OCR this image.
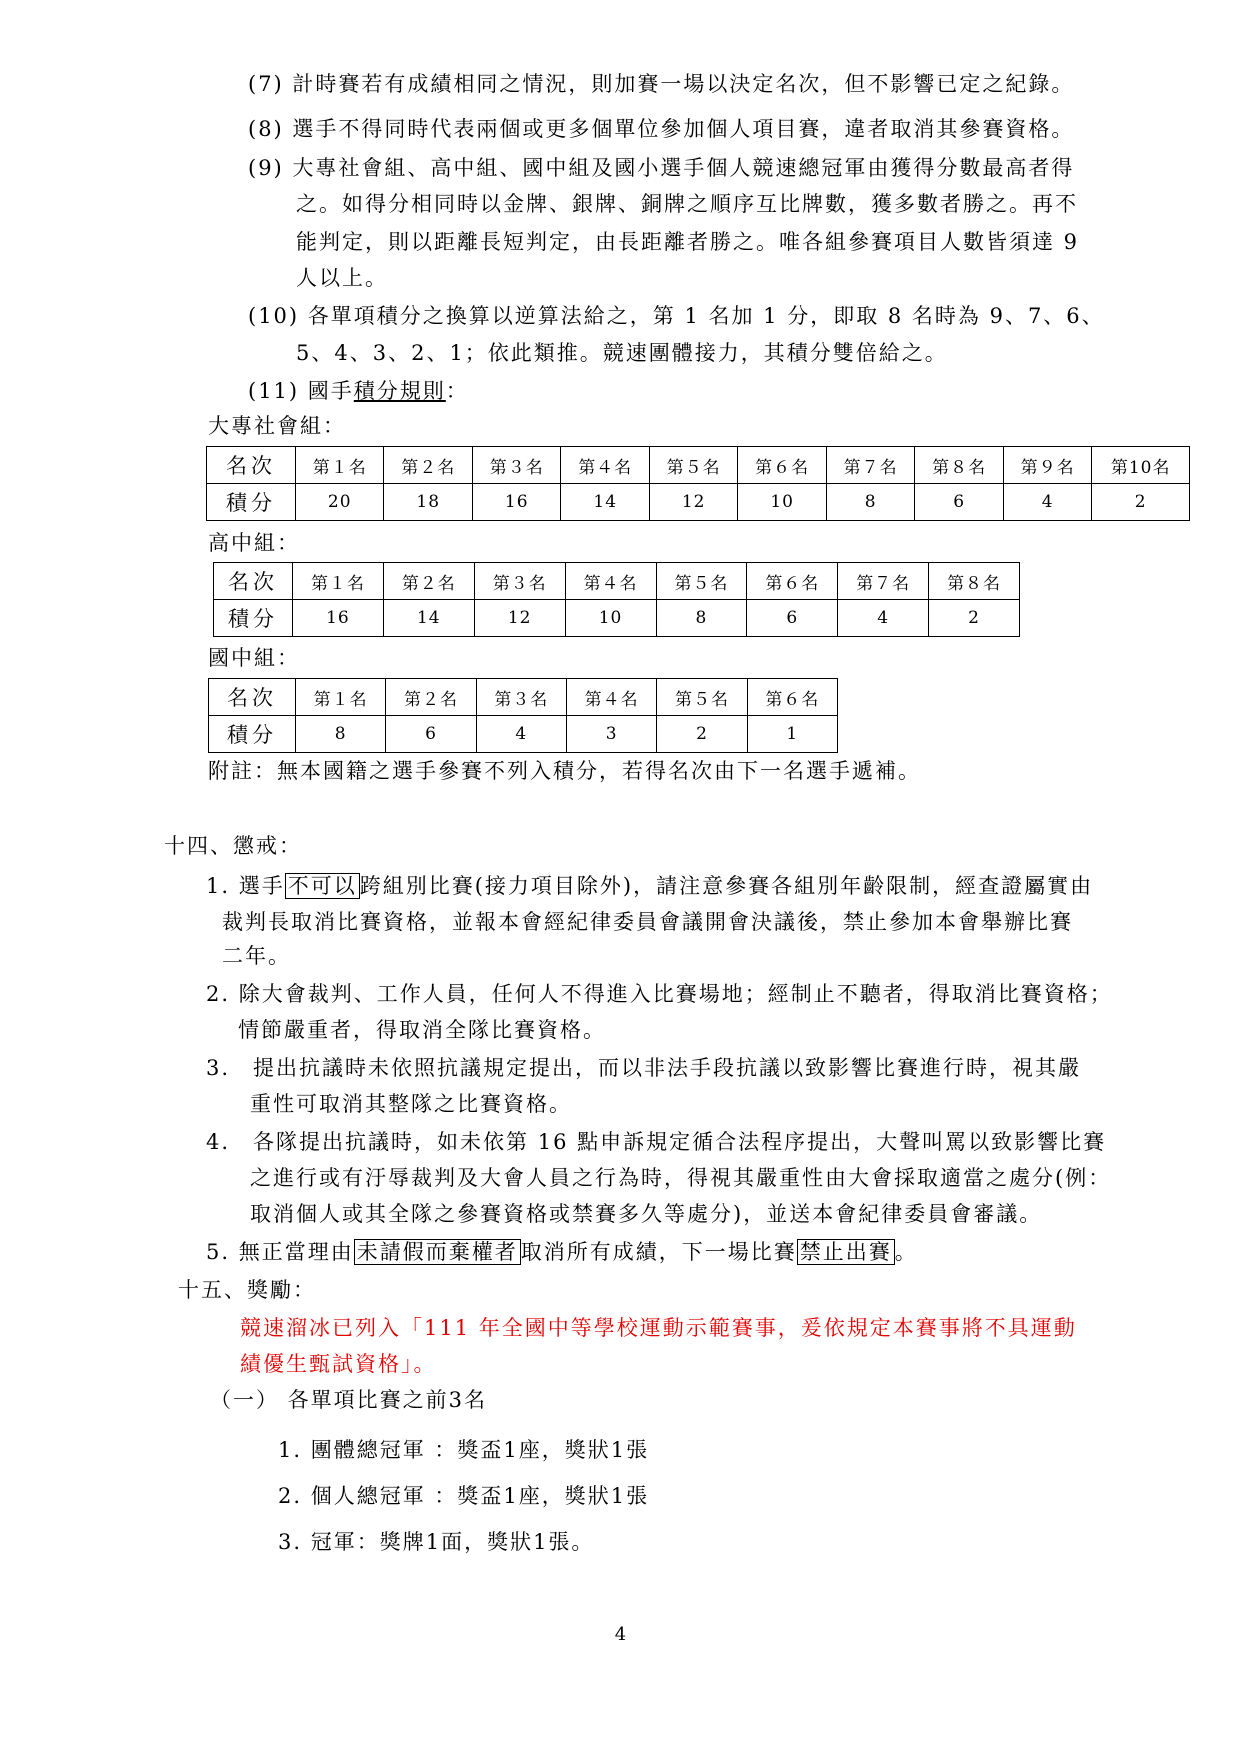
(7) 計時賽若有成績相同之情況，則加賽一場以決定名次，但不影響已定之紀錄。
(8) 選手不得同時代表兩個或更多個單位參加個人項目賽，違者取消其參賽資格。
(9) 大專社會組、高中組、國中組及國小選手個人競速總冠軍由獲得分數最高者得
之。如得分相同時以金牌、銀牌、銅牌之順序互比牌數，獲多數者勝之。再不
能判定，則以距離長短判定，由長距離者勝之。唯各組參賽項目人數皆須達 9
人以上。
(10) 各單項積分之換算以逆算法給之，第 1 名加 1 分，即取 8 名時為 9、7、6、
5、4、3、2、1；依此類推。競速團體接力，其積分雙倍給之。
(11) 國手積分規則：
大專社會組：
名次	第１名	第２名	第３名	第４名	第５名	第６名	第７名	第８名	第９名	第10名
積分	20	18	16	14	12	10	8	6	4	2
高中組：
名次	第１名	第２名	第３名	第４名	第５名	第６名	第７名	第８名
積分	16	14	12	10	8	6	4	2
國中組：
名次	第１名	第２名	第３名	第４名	第５名	第６名
積分	8	6	4	3	2	1
附註：無本國籍之選手參賽不列入積分，若得名次由下一名選手遞補。
十四、懲戒：
1. 選手 不可以 跨組別比賽(接力項目除外)，請注意參賽各組別年齡限制，經查證屬實由
裁判長取消比賽資格，並報本會經紀律委員會議開會決議後，禁止參加本會舉辦比賽
二年。
2. 除大會裁判、工作人員，任何人不得進入比賽場地；經制止不聽者，得取消比賽資格；
情節嚴重者，得取消全隊比賽資格。
3.　提出抗議時未依照抗議規定提出，而以非法手段抗議以致影響比賽進行時，視其嚴
重性可取消其整隊之比賽資格。
4.　各隊提出抗議時，如未依第 16 點申訴規定循合法程序提出，大聲叫罵以致影響比賽
之進行或有汙辱裁判及大會人員之行為時，得視其嚴重性由大會採取適當之處分(例：
取消個人或其全隊之參賽資格或禁賽多久等處分)，並送本會紀律委員會審議。
5. 無正當理由 未請假而棄權者 取消所有成績，下一場比賽 禁止出賽 。
十五、獎勵：
競速溜冰已列入「111 年全國中等學校運動示範賽事，爰依規定本賽事將不具運動
績優生甄試資格」。
（一） 各單項比賽之前3名
1. 團體總冠軍 ：獎盃1座，獎狀1張
2. 個人總冠軍 ：獎盃1座，獎狀1張
3. 冠軍：獎牌1面，獎狀1張。
4
